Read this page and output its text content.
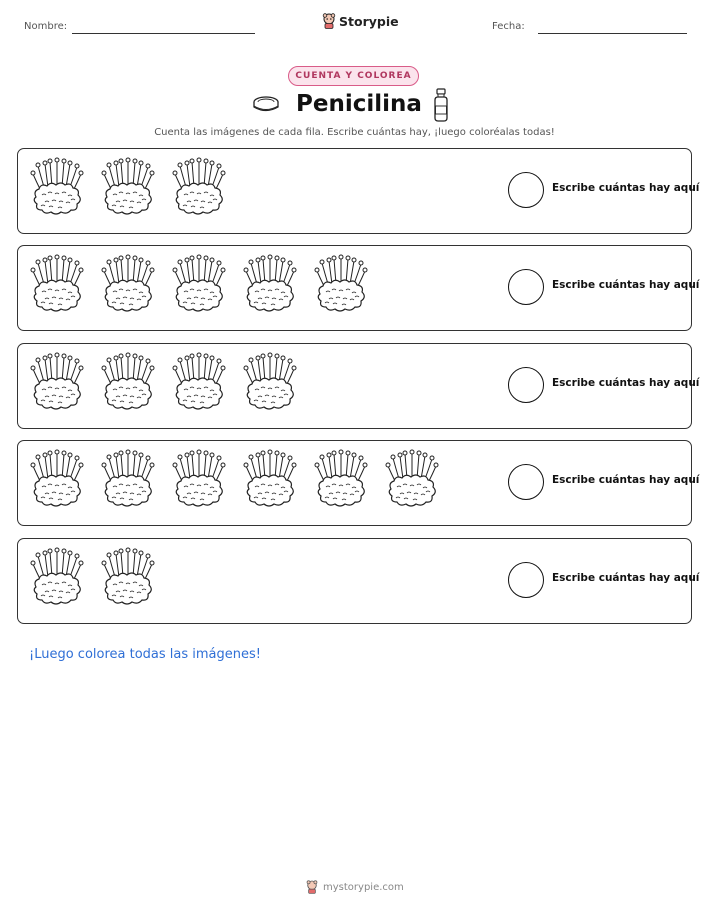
Nombre:	Storypie	Fecha:
CUENTA Y COLOREA
Penicilina
Cuenta las imágenes de cada fila. Escribe cuántas hay, ¡luego coloréalas todas!
Escribe cuántas hay aquí
Escribe cuántas hay aquí
Escribe cuántas hay aquí
Escribe cuántas hay aquí
Escribe cuántas hay aquí
¡Luego colorea todas las imágenes!
mystorypie.com
